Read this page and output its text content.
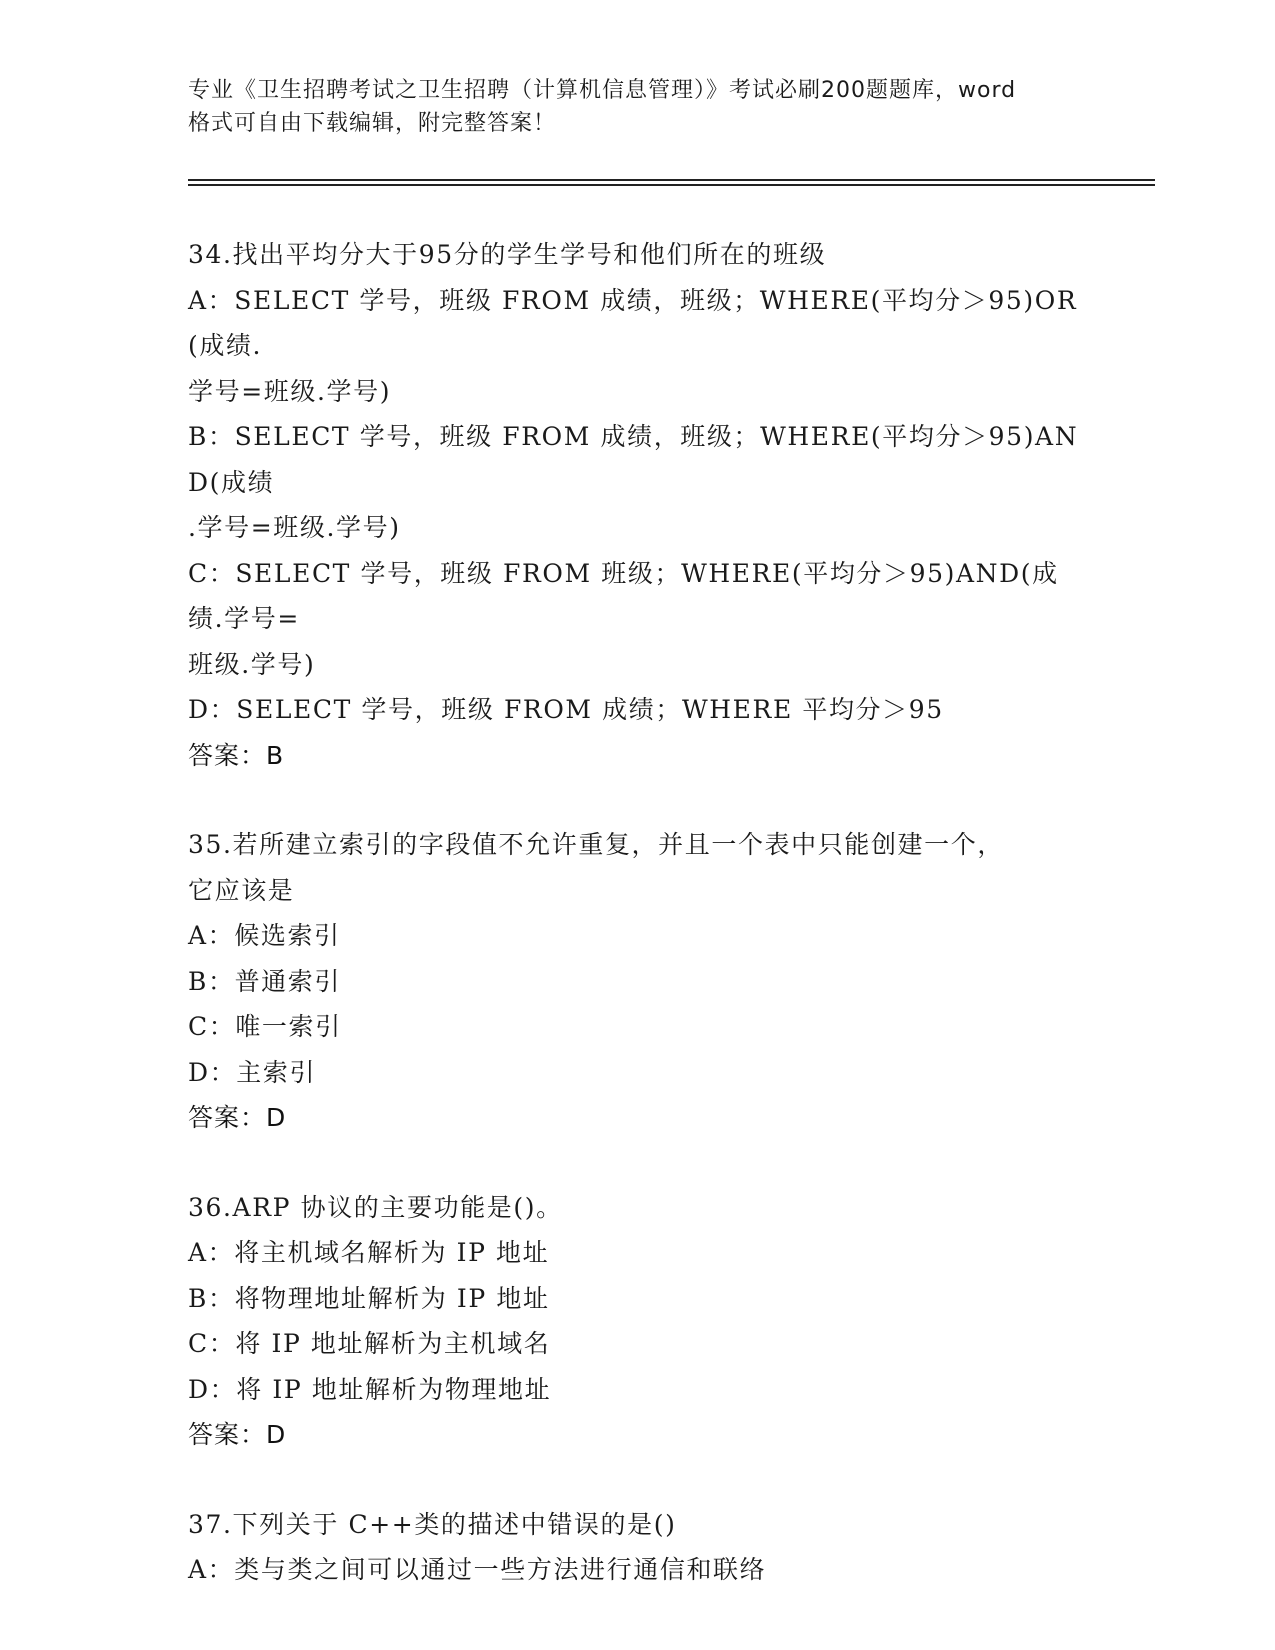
专业《卫生招聘考试之卫生招聘（计算机信息管理）》考试必刷200题题库，word
格式可自由下载编辑，附完整答案！
34.找出平均分大于95分的学生学号和他们所在的班级
A：SELECT 学号，班级 FROM 成绩，班级；WHERE(平均分＞95)OR(成绩.
学号=班级.学号)
B：SELECT 学号，班级 FROM 成绩，班级；WHERE(平均分＞95)AND(成绩
.学号=班级.学号)
C：SELECT 学号，班级 FROM 班级；WHERE(平均分＞95)AND(成绩.学号=
班级.学号)
D：SELECT 学号，班级 FROM 成绩；WHERE 平均分＞95
答案：B
35.若所建立索引的字段值不允许重复，并且一个表中只能创建一个，
它应该是
A：候选索引
B：普通索引
C：唯一索引
D：主索引
答案：D
36.ARP 协议的主要功能是()。
A：将主机域名解析为 IP 地址
B：将物理地址解析为 IP 地址
C：将 IP 地址解析为主机域名
D：将 IP 地址解析为物理地址
答案：D
37.下列关于 C++类的描述中错误的是()
A：类与类之间可以通过一些方法进行通信和联络
